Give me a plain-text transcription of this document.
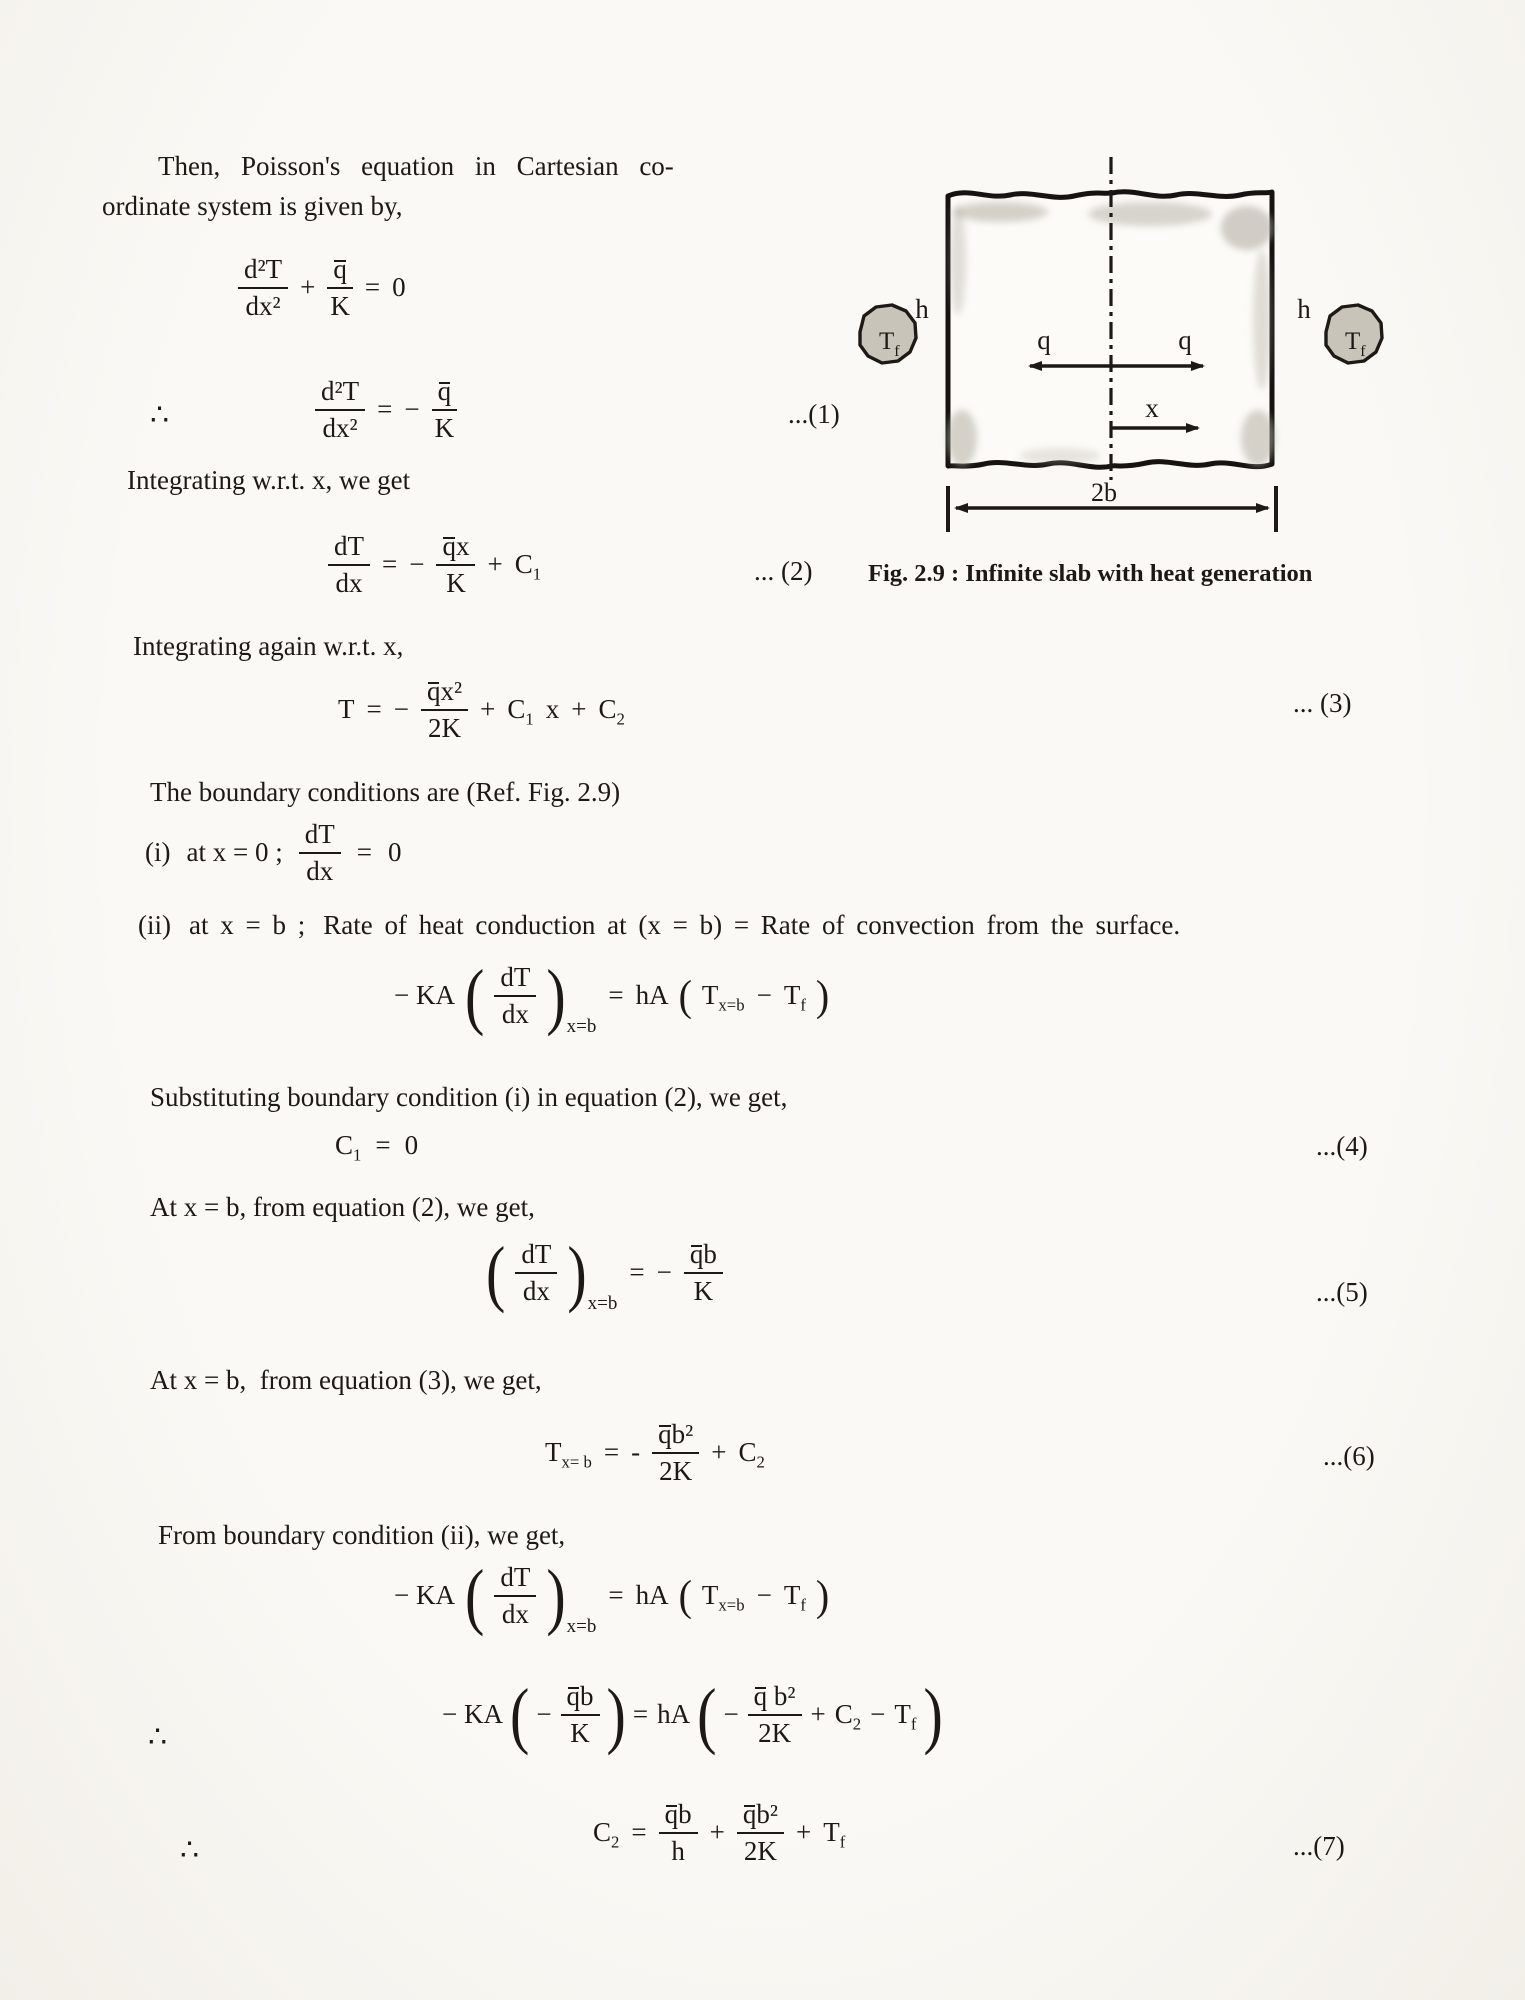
Then, Poisson's equation in Cartesian co-
ordinate system is given by,
$\frac{\text{d²T}}{\text{dx²}} + \frac{q}{K} = 0$
∴	$\frac{\text{d²T}}{\text{dx²}}$ = − $\frac{q}{K}$	...(1)
Integrating w.r.t. x, we get
$\frac{dT}{dx}$ = − $\frac{\text{q x}}{K} + C_1$	... (2) Fig. 2.9 : Infinite slab with heat generation
Integrating again w.r.t. x,
T = − $\frac{\text{q x²}}{2K} + C_1$ $x + C_2$
... (3)
The boundary conditions are (Ref. Fig. 2.9)
(i) at x = 0 ; $\frac{dT}{dx} = 0$
(ii) at x = b ; Rate of heat conduction at (x = b) = Rate of convection from the surface.
− KA ( $\frac{dT}{dx}$ ) x=b
= hA ( $T_{x=b} - T_f$ )
Substituting boundary condition (i) in equation (2), we get,
$C_1 = 0$	...(4)
At x = b, from equation (2), we get,
( $\frac{dT}{dx}$ ) x=b
= − $\frac{\text{q b}}{K}$	...(5)
At x = b,  from equation (3), we get,
$T_{x= b}$ = - $\frac{\text{q b²}}{2K} + C_2$	...(6)
From boundary condition (ii), we get,
− KA ( $\frac{dT}{dx}$ ) x=b
= hA ( $T_{x=b} - T_f$ )
∴
− KA ( − $\frac{\text{q b}}{K}$ ) = hA ( − $\frac{\text{q b²}}{2K} + C_2 - T_f$ )
∴
$C_2 = \frac{\text{q b}}{h} + \frac{\text{q b²}}{2K} + T_f$	...(7)
q	q
x
h	h
$T_f$	$T_f$
2b
